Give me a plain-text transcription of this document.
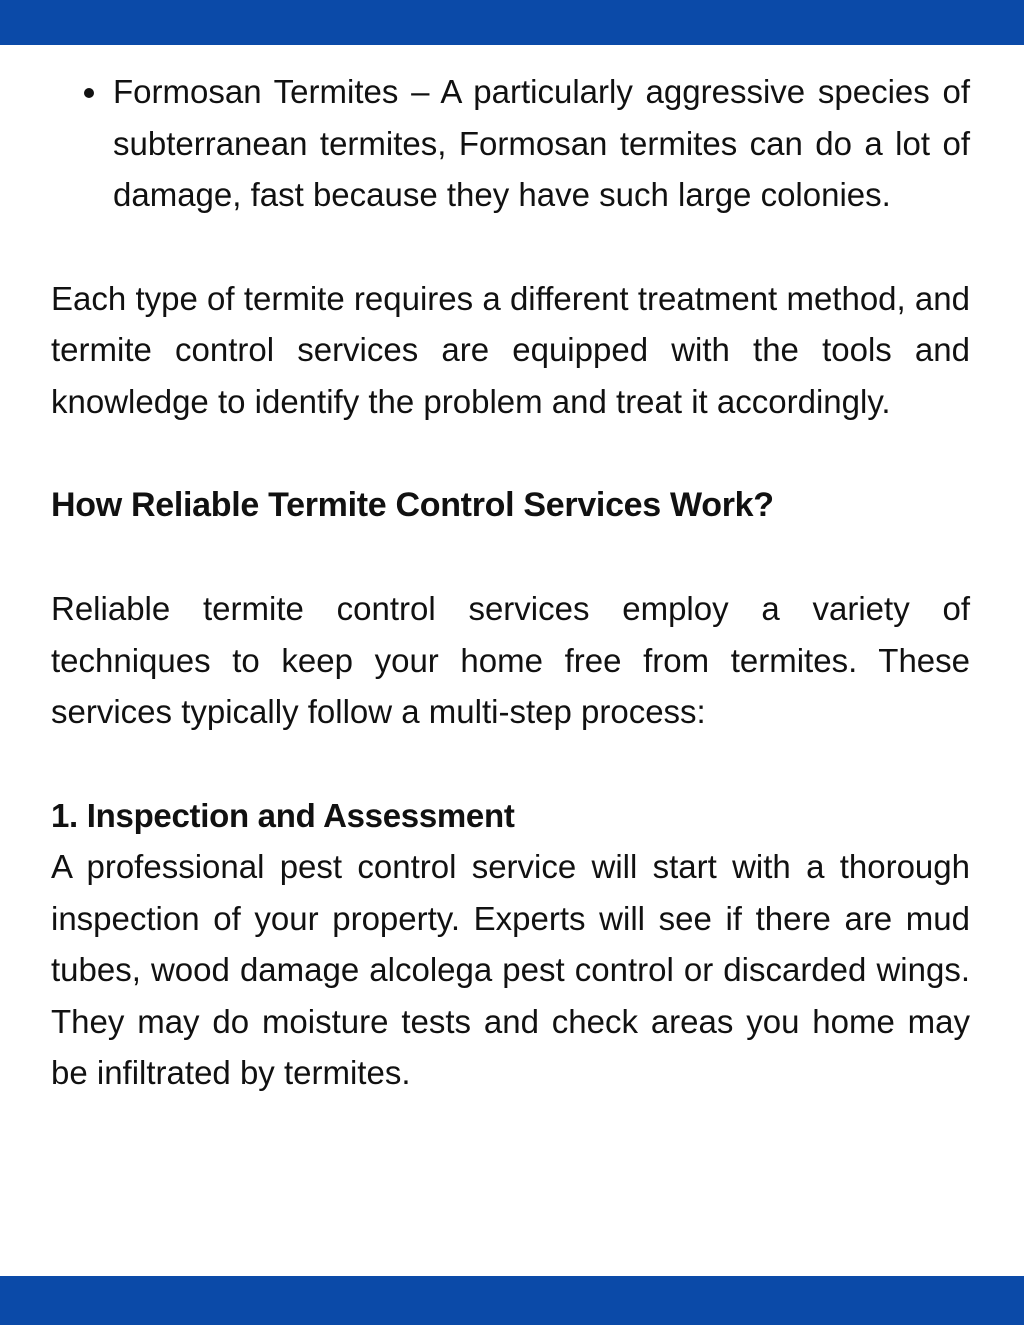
Formosan Termites – A particularly aggressive species of subterranean termites, Formosan termites can do a lot of damage, fast because they have such large colonies.

Each type of termite requires a different treatment method, and termite control services are equipped with the tools and knowledge to identify the problem and treat it accordingly.

How Reliable Termite Control Services Work?

Reliable termite control services employ a variety of techniques to keep your home free from termites. These services typically follow a multi-step process:

1. Inspection and Assessment

A professional pest control service will start with a thorough inspection of your property. Experts will see if there are mud tubes, wood damage alcolega pest control or discarded wings. They may do moisture tests and check areas you home may be infiltrated by termites.
